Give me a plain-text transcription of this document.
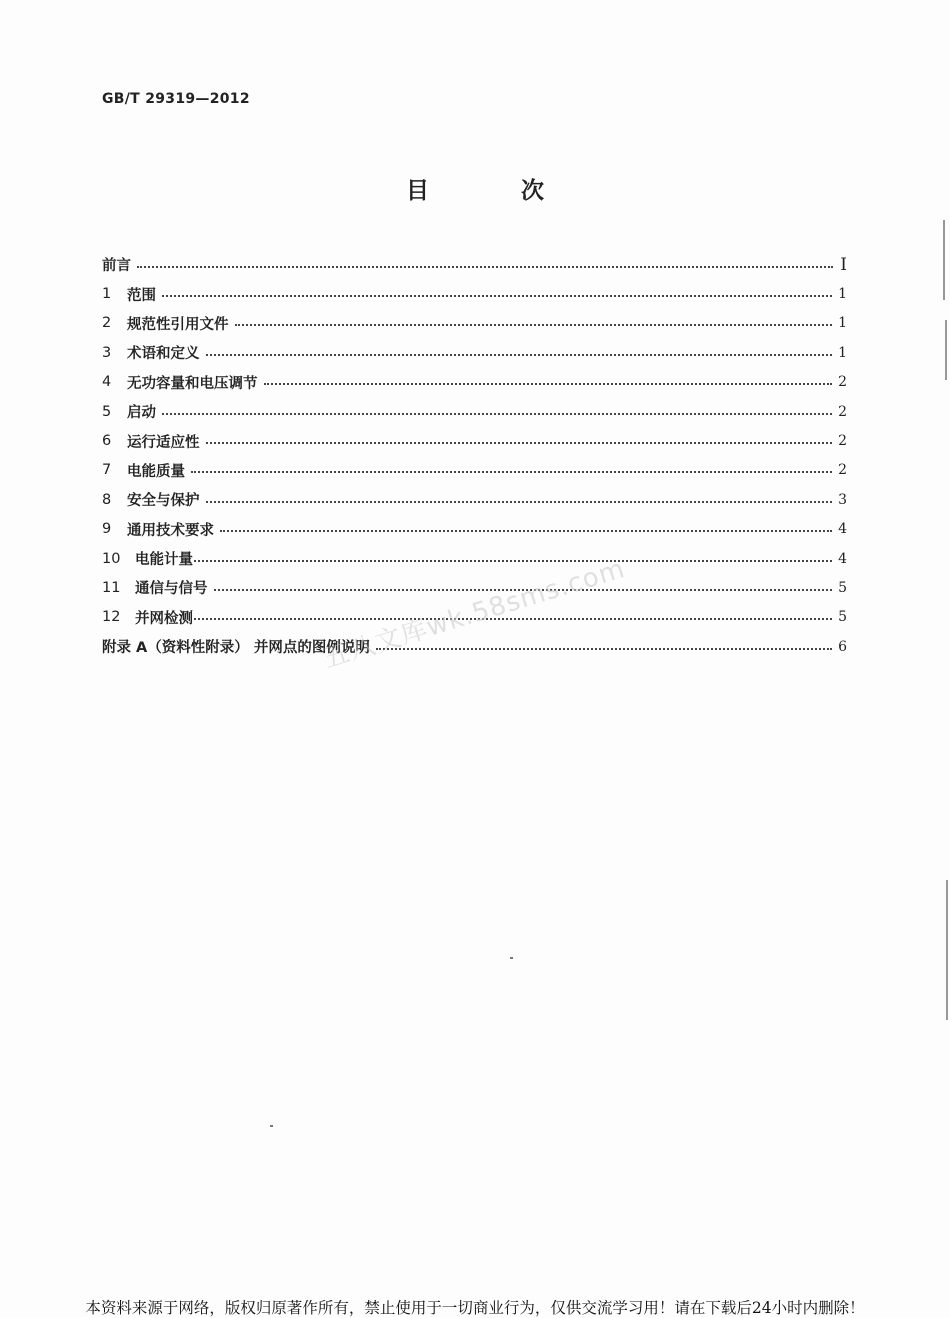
GB/T 29319—2012
目 次
前言	I
1	范围	1
2	规范性引用文件	1
3	术语和定义	1
4	无功容量和电压调节	2
5	启动	2
6	运行适应性	2
7	电能质量	2
8	安全与保护	3
9	通用技术要求	4
10	电能计量	4
11	通信与信号	5
12	并网检测	5
附录 A（资料性附录） 并网点的图例说明	6
五八文库wk.58sms.com
本资料来源于网络，版权归原著作所有，禁止使用于一切商业行为，仅供交流学习用！请在下载后24小时内删除！
